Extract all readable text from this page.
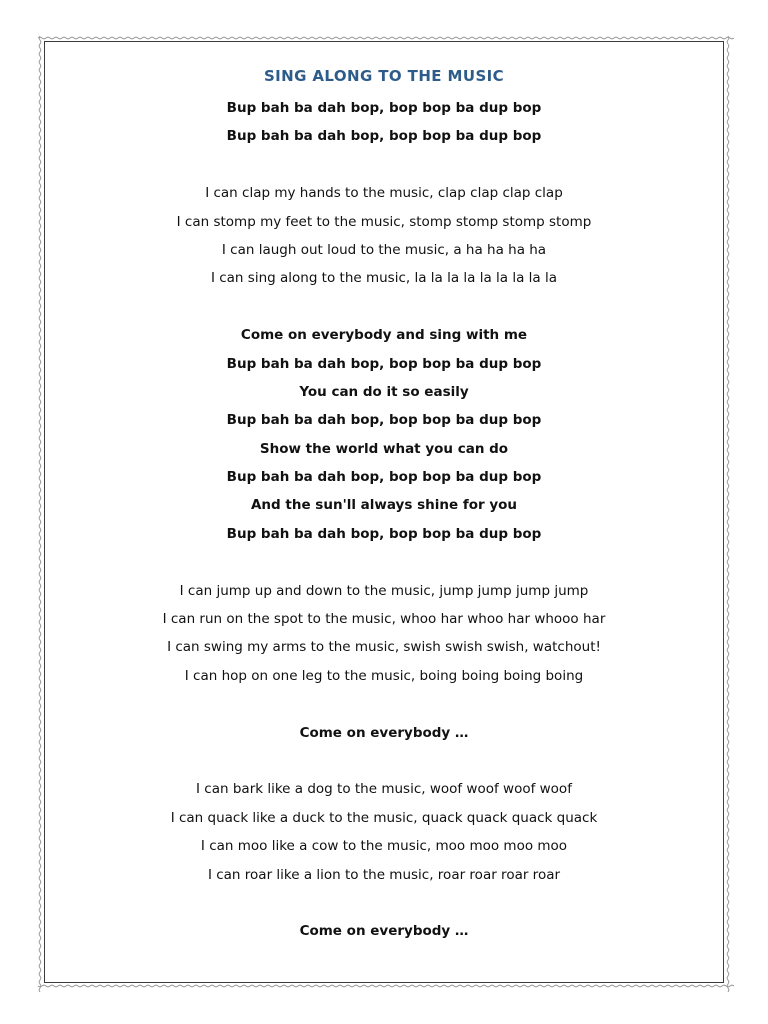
SING ALONG TO THE MUSIC
Bup bah ba dah bop, bop bop ba dup bop
Bup bah ba dah bop, bop bop ba dup bop
I can clap my hands to the music, clap clap clap clap
I can stomp my feet to the music, stomp stomp stomp stomp
I can laugh out loud to the music, a ha ha ha ha
I can sing along to the music, la la la la la la la la la
Come on everybody and sing with me
Bup bah ba dah bop, bop bop ba dup bop
You can do it so easily
Bup bah ba dah bop, bop bop ba dup bop
Show the world what you can do
Bup bah ba dah bop, bop bop ba dup bop
And the sun'll always shine for you
Bup bah ba dah bop, bop bop ba dup bop
I can jump up and down to the music, jump jump jump jump
I can run on the spot to the music, whoo har whoo har whooo har
I can swing my arms to the music, swish swish swish, watchout!
I can hop on one leg to the music, boing boing boing boing
Come on everybody …
I can bark like a dog to the music, woof woof woof woof
I can quack like a duck to the music, quack quack quack quack
I can moo like a cow to the music, moo moo moo moo
I can roar like a lion to the music, roar roar roar roar
Come on everybody …
